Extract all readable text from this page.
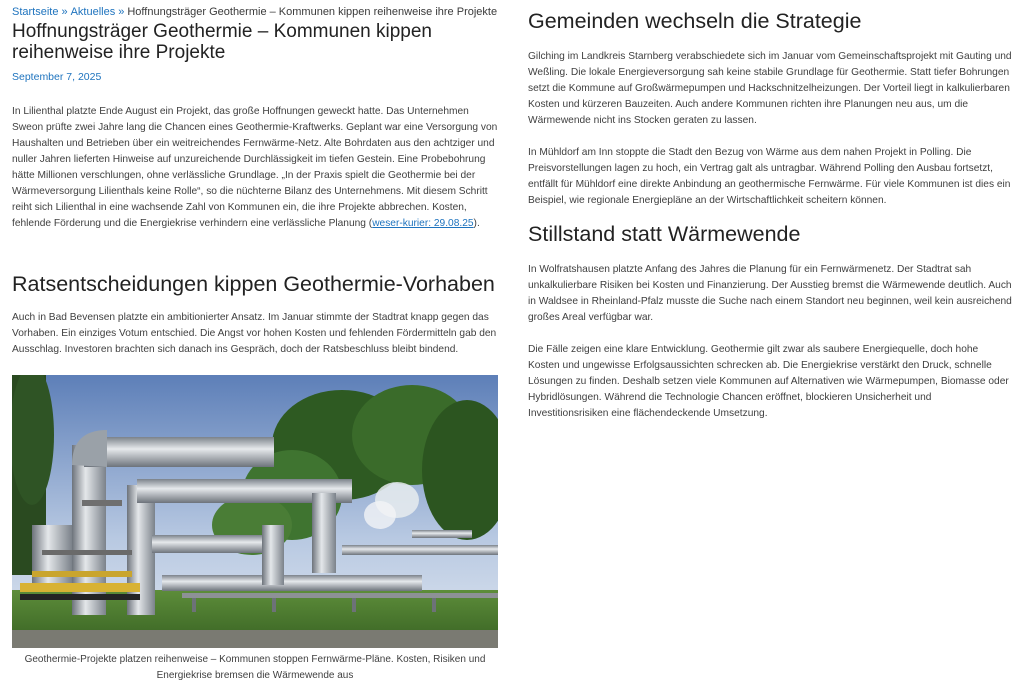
Startseite » Aktuelles » Hoffnungsträger Geothermie – Kommunen kippen reihenweise ihre Projekte
Hoffnungsträger Geothermie – Kommunen kippen reihenweise ihre Projekte
September 7, 2025

In Lilienthal platzte Ende August ein Projekt, das große Hoffnungen geweckt hatte. Das Unternehmen Sweon prüfte zwei Jahre lang die Chancen eines Geothermie-Kraftwerks. Geplant war eine Versorgung von Haushalten und Betrieben über ein weitreichendes Fernwärme-Netz. Alte Bohrdaten aus den achtziger und nuller Jahren lieferten Hinweise auf unzureichende Durchlässigkeit im tiefen Gestein. Eine Probebohrung hätte Millionen verschlungen, ohne verlässliche Grundlage. „In der Praxis spielt die Geothermie bei der Wärmeversorgung Lilienthals keine Rolle“, so die nüchterne Bilanz des Unternehmens. Mit diesem Schritt reiht sich Lilienthal in eine wachsende Zahl von Kommunen ein, die ihre Projekte abbrechen. Kosten, fehlende Förderung und die Energiekrise verhindern eine verlässliche Planung (weser-kurier: 29.08.25).

Ratsentscheidungen kippen Geothermie-Vorhaben

Auch in Bad Bevensen platzte ein ambitionierter Ansatz. Im Januar stimmte der Stadtrat knapp gegen das Vorhaben. Ein einziges Votum entschied. Die Angst vor hohen Kosten und fehlenden Fördermitteln gab den Ausschlag. Investoren brachten sich danach ins Gespräch, doch der Ratsbeschluss bleibt bindend.

Geothermie-Projekte platzen reihenweise – Kommunen stoppen Fernwärme-Pläne. Kosten, Risiken und Energiekrise bremsen die Wärmewende aus
Gemeinden wechseln die Strategie

Gilching im Landkreis Starnberg verabschiedete sich im Januar vom Gemeinschaftsprojekt mit Gauting und Weßling. Die lokale Energieversorgung sah keine stabile Grundlage für Geothermie. Statt tiefer Bohrungen setzt die Kommune auf Großwärmepumpen und Hackschnitzelheizungen. Der Vorteil liegt in kalkulierbaren Kosten und kürzeren Bauzeiten. Auch andere Kommunen richten ihre Planungen neu aus, um die Wärmewende nicht ins Stocken geraten zu lassen.

In Mühldorf am Inn stoppte die Stadt den Bezug von Wärme aus dem nahen Projekt in Polling. Die Preisvorstellungen lagen zu hoch, ein Vertrag galt als untragbar. Während Polling den Ausbau fortsetzt, entfällt für Mühldorf eine direkte Anbindung an geothermische Fernwärme. Für viele Kommunen ist dies ein Beispiel, wie regionale Energiepläne an der Wirtschaftlichkeit scheitern können.

Stillstand statt Wärmewende

In Wolfratshausen platzte Anfang des Jahres die Planung für ein Fernwärmenetz. Der Stadtrat sah unkalkulierbare Risiken bei Kosten und Finanzierung. Der Ausstieg bremst die Wärmewende deutlich. Auch in Waldsee in Rheinland-Pfalz musste die Suche nach einem Standort neu beginnen, weil kein ausreichend großes Areal verfügbar war.

Die Fälle zeigen eine klare Entwicklung. Geothermie gilt zwar als saubere Energiequelle, doch hohe Kosten und ungewisse Erfolgsaussichten schrecken ab. Die Energiekrise verstärkt den Druck, schnelle Lösungen zu finden. Deshalb setzen viele Kommunen auf Alternativen wie Wärmepumpen, Biomasse oder Hybridlösungen. Während die Technologie Chancen eröffnet, blockieren Unsicherheit und Investitionsrisiken eine flächendeckende Umsetzung.
